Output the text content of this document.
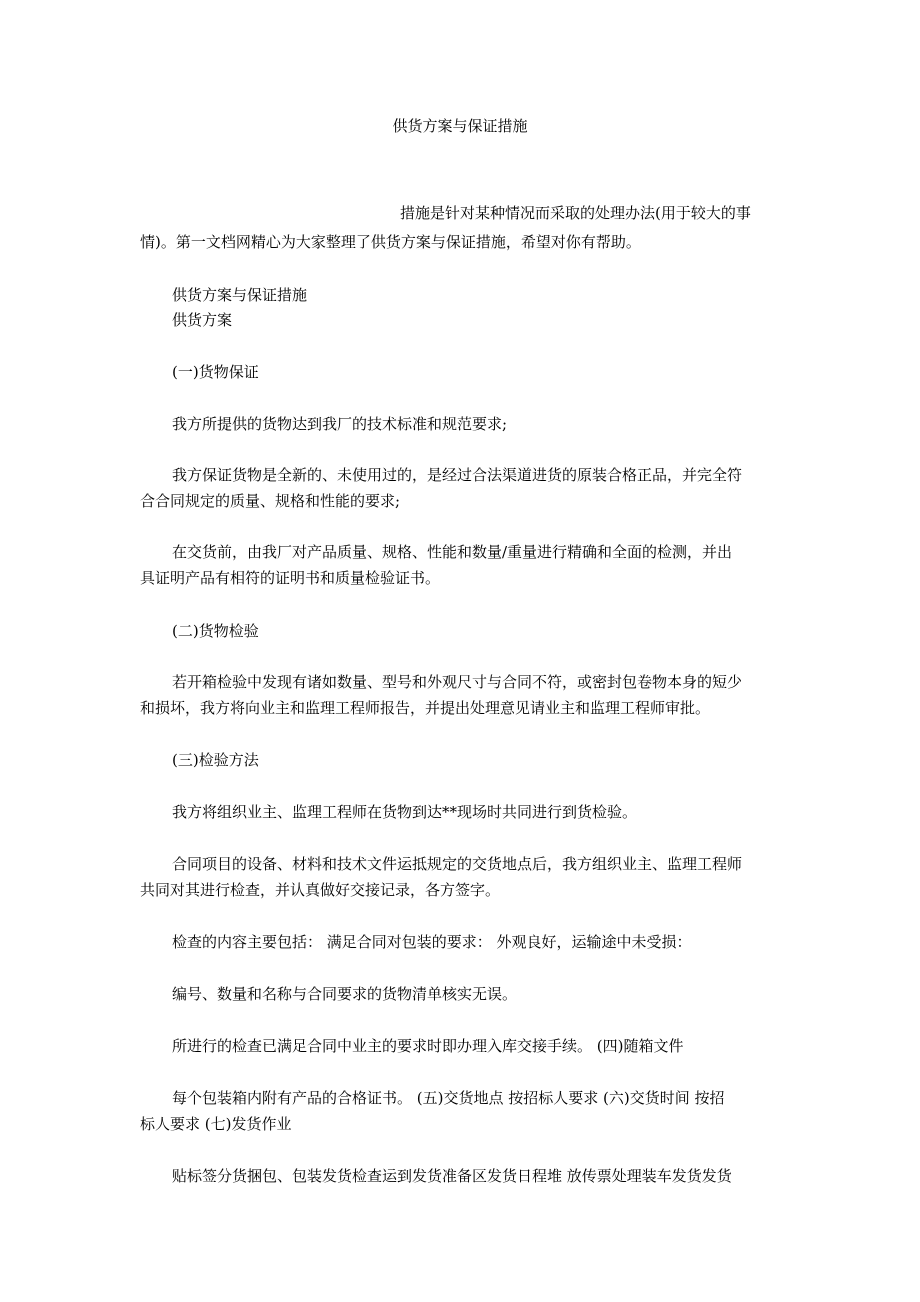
供货方案与保证措施
措施是针对某种情况而采取的处理办法(用于较大的事
情)。第一文档网精心为大家整理了供货方案与保证措施，希望对你有帮助。
供货方案与保证措施
供货方案
(一)货物保证
我方所提供的货物达到我厂的技术标准和规范要求;
我方保证货物是全新的、未使用过的，是经过合法渠道进货的原装合格正品，并完全符
合合同规定的质量、规格和性能的要求;
在交货前，由我厂对产品质量、规格、性能和数量/重量进行精确和全面的检测，并出
具证明产品有相符的证明书和质量检验证书。
(二)货物检验
若开箱检验中发现有诸如数量、型号和外观尺寸与合同不符，或密封包卷物本身的短少
和损坏，我方将向业主和监理工程师报告，并提出处理意见请业主和监理工程师审批。
(三)检验方法
我方将组织业主、监理工程师在货物到达**现场时共同进行到货检验。
合同项目的设备、材料和技术文件运抵规定的交货地点后，我方组织业主、监理工程师
共同对其进行检查，并认真做好交接记录，各方签字。
检查的内容主要包括： 满足合同对包装的要求： 外观良好，运输途中未受损：
编号、数量和名称与合同要求的货物清单核实无误。
所进行的检查已满足合同中业主的要求时即办理入库交接手续。 (四)随箱文件
每个包装箱内附有产品的合格证书。 (五)交货地点 按招标人要求 (六)交货时间 按招
标人要求 (七)发货作业
贴标签分货捆包、包装发货检查运到发货准备区发货日程堆 放传票处理装车发货发货
